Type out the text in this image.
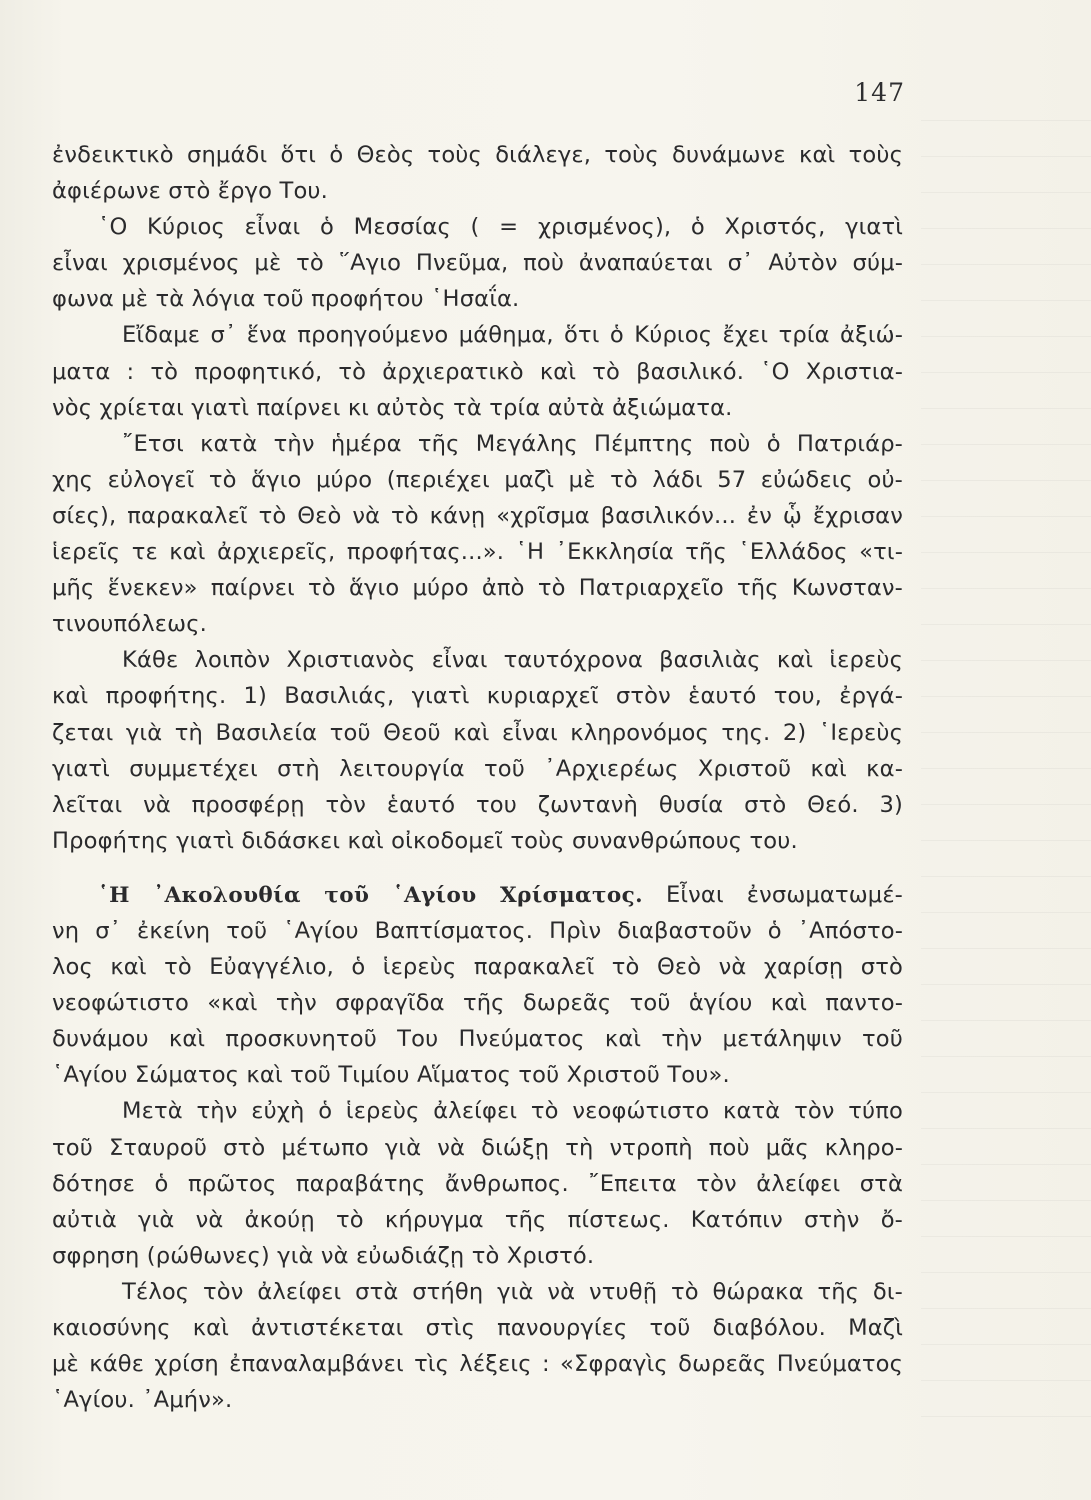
147
ἐνδεικτικὸ σημάδι ὅτι ὁ Θεὸς τοὺς διάλεγε, τοὺς δυνάμωνε καὶ τοὺς
ἀφιέρωνε στὸ ἔργο Του.
῾Ο Κύριος εἶναι ὁ Μεσσίας ( = χρισμένος), ὁ Χριστός, γιατὶ
εἶναι χρισμένος μὲ τὸ ῞Αγιο Πνεῦμα, ποὺ ἀναπαύεται σ᾽ Αὐτὸν σύμ-
φωνα μὲ τὰ λόγια τοῦ προφήτου ῾Ησαΐα.
Εἴδαμε σ᾽ ἕνα προηγούμενο μάθημα, ὅτι ὁ Κύριος ἔχει τρία ἀξιώ-
ματα : τὸ προφητικό, τὸ ἀρχιερατικὸ καὶ τὸ βασιλικό. ῾Ο Χριστια-
νὸς χρίεται γιατὶ παίρνει κι αὐτὸς τὰ τρία αὐτὰ ἀξιώματα.
῎Ετσι κατὰ τὴν ἡμέρα τῆς Μεγάλης Πέμπτης ποὺ ὁ Πατριάρ-
χης εὐλογεῖ τὸ ἅγιο μύρο (περιέχει μαζὶ μὲ τὸ λάδι 57 εὐώδεις οὐ-
σίες), παρακαλεῖ τὸ Θεὸ νὰ τὸ κάνῃ «χρῖσμα βασιλικόν... ἐν ᾧ ἔχρισαν
ἱερεῖς τε καὶ ἀρχιερεῖς, προφήτας...». ῾Η ᾽Εκκλησία τῆς ῾Ελλάδος «τι-
μῆς ἕνεκεν» παίρνει τὸ ἅγιο μύρο ἀπὸ τὸ Πατριαρχεῖο τῆς Κωνσταν-
τινουπόλεως.
Κάθε λοιπὸν Χριστιανὸς εἶναι ταυτόχρονα βασιλιὰς καὶ ἱερεὺς
καὶ προφήτης. 1) Βασιλιάς, γιατὶ κυριαρχεῖ στὸν ἑαυτό του, ἐργά-
ζεται γιὰ τὴ Βασιλεία τοῦ Θεοῦ καὶ εἶναι κληρονόμος της. 2) ῾Ιερεὺς
γιατὶ συμμετέχει στὴ λειτουργία τοῦ ᾽Αρχιερέως Χριστοῦ καὶ κα-
λεῖται νὰ προσφέρῃ τὸν ἑαυτό του ζωντανὴ θυσία στὸ Θεό. 3)
Προφήτης γιατὶ διδάσκει καὶ οἰκοδομεῖ τοὺς συνανθρώπους του.
῾Η ᾽Ακολουθία τοῦ ῾Αγίου Χρίσματος. Εἶναι ἐνσωματωμέ-
νη σ᾽ ἐκείνη τοῦ ῾Αγίου Βαπτίσματος. Πρὶν διαβαστοῦν ὁ ᾽Απόστο-
λος καὶ τὸ Εὐαγγέλιο, ὁ ἱερεὺς παρακαλεῖ τὸ Θεὸ νὰ χαρίσῃ στὸ
νεοφώτιστο «καὶ τὴν σφραγῖδα τῆς δωρεᾶς τοῦ ἁγίου καὶ παντο-
δυνάμου καὶ προσκυνητοῦ Του Πνεύματος καὶ τὴν μετάληψιν τοῦ
῾Αγίου Σώματος καὶ τοῦ Τιμίου Αἵματος τοῦ Χριστοῦ Του».
Μετὰ τὴν εὐχὴ ὁ ἱερεὺς ἀλείφει τὸ νεοφώτιστο κατὰ τὸν τύπο
τοῦ Σταυροῦ στὸ μέτωπο γιὰ νὰ διώξῃ τὴ ντροπὴ ποὺ μᾶς κληρο-
δότησε ὁ πρῶτος παραβάτης ἄνθρωπος. ῎Επειτα τὸν ἀλείφει στὰ
αὐτιὰ γιὰ νὰ ἀκούῃ τὸ κήρυγμα τῆς πίστεως. Κατόπιν στὴν ὄ-
σφρηση (ρώθωνες) γιὰ νὰ εὐωδιάζῃ τὸ Χριστό.
Τέλος τὸν ἀλείφει στὰ στήθη γιὰ νὰ ντυθῇ τὸ θώρακα τῆς δι-
καιοσύνης καὶ ἀντιστέκεται στὶς πανουργίες τοῦ διαβόλου. Μαζὶ
μὲ κάθε χρίση ἐπαναλαμβάνει τὶς λέξεις : «Σφραγὶς δωρεᾶς Πνεύματος
῾Αγίου. ᾽Αμήν».
